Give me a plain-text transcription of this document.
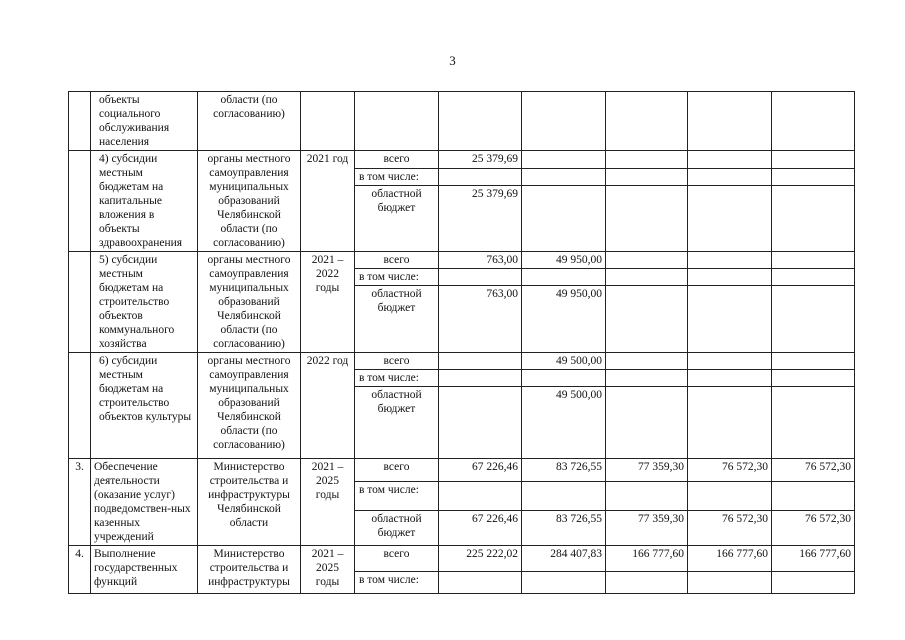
3
	объекты социального обслуживания населения	области (по согласованию)							
	4) субсидии местным бюджетам на капитальные вложения в объекты здравоохранения	органы местного самоуправления муниципальных образований Челябинской области (по согласованию)	2021 год	всего	25 379,69				
				в том числе:					
				областной бюджет	25 379,69				
	5) субсидии местным бюджетам на строительство объектов коммунального хозяйства	органы местного самоуправления муниципальных образований Челябинской области (по согласованию)	2021 – 2022 годы	всего	763,00	49 950,00			
				в том числе:					
				областной бюджет	763,00	49 950,00			
	6) субсидии местным бюджетам на строительство объектов культуры	органы местного самоуправления муниципальных образований Челябинской области (по согласованию)	2022 год	всего		49 500,00			
				в том числе:					
				областной бюджет		49 500,00			
3.	Обеспечение деятельности (оказание услуг) подведомствен-ных казенных учреждений	Министерство строительства и инфраструктуры Челябинской области	2021 – 2025 годы	всего	67 226,46	83 726,55	77 359,30	76 572,30	76 572,30
				в том числе:					
				областной бюджет	67 226,46	83 726,55	77 359,30	76 572,30	76 572,30
4.	Выполнение государственных функций	Министерство строительства и инфраструктуры	2021 – 2025 годы	всего	225 222,02	284 407,83	166 777,60	166 777,60	166 777,60
				в том числе:					
